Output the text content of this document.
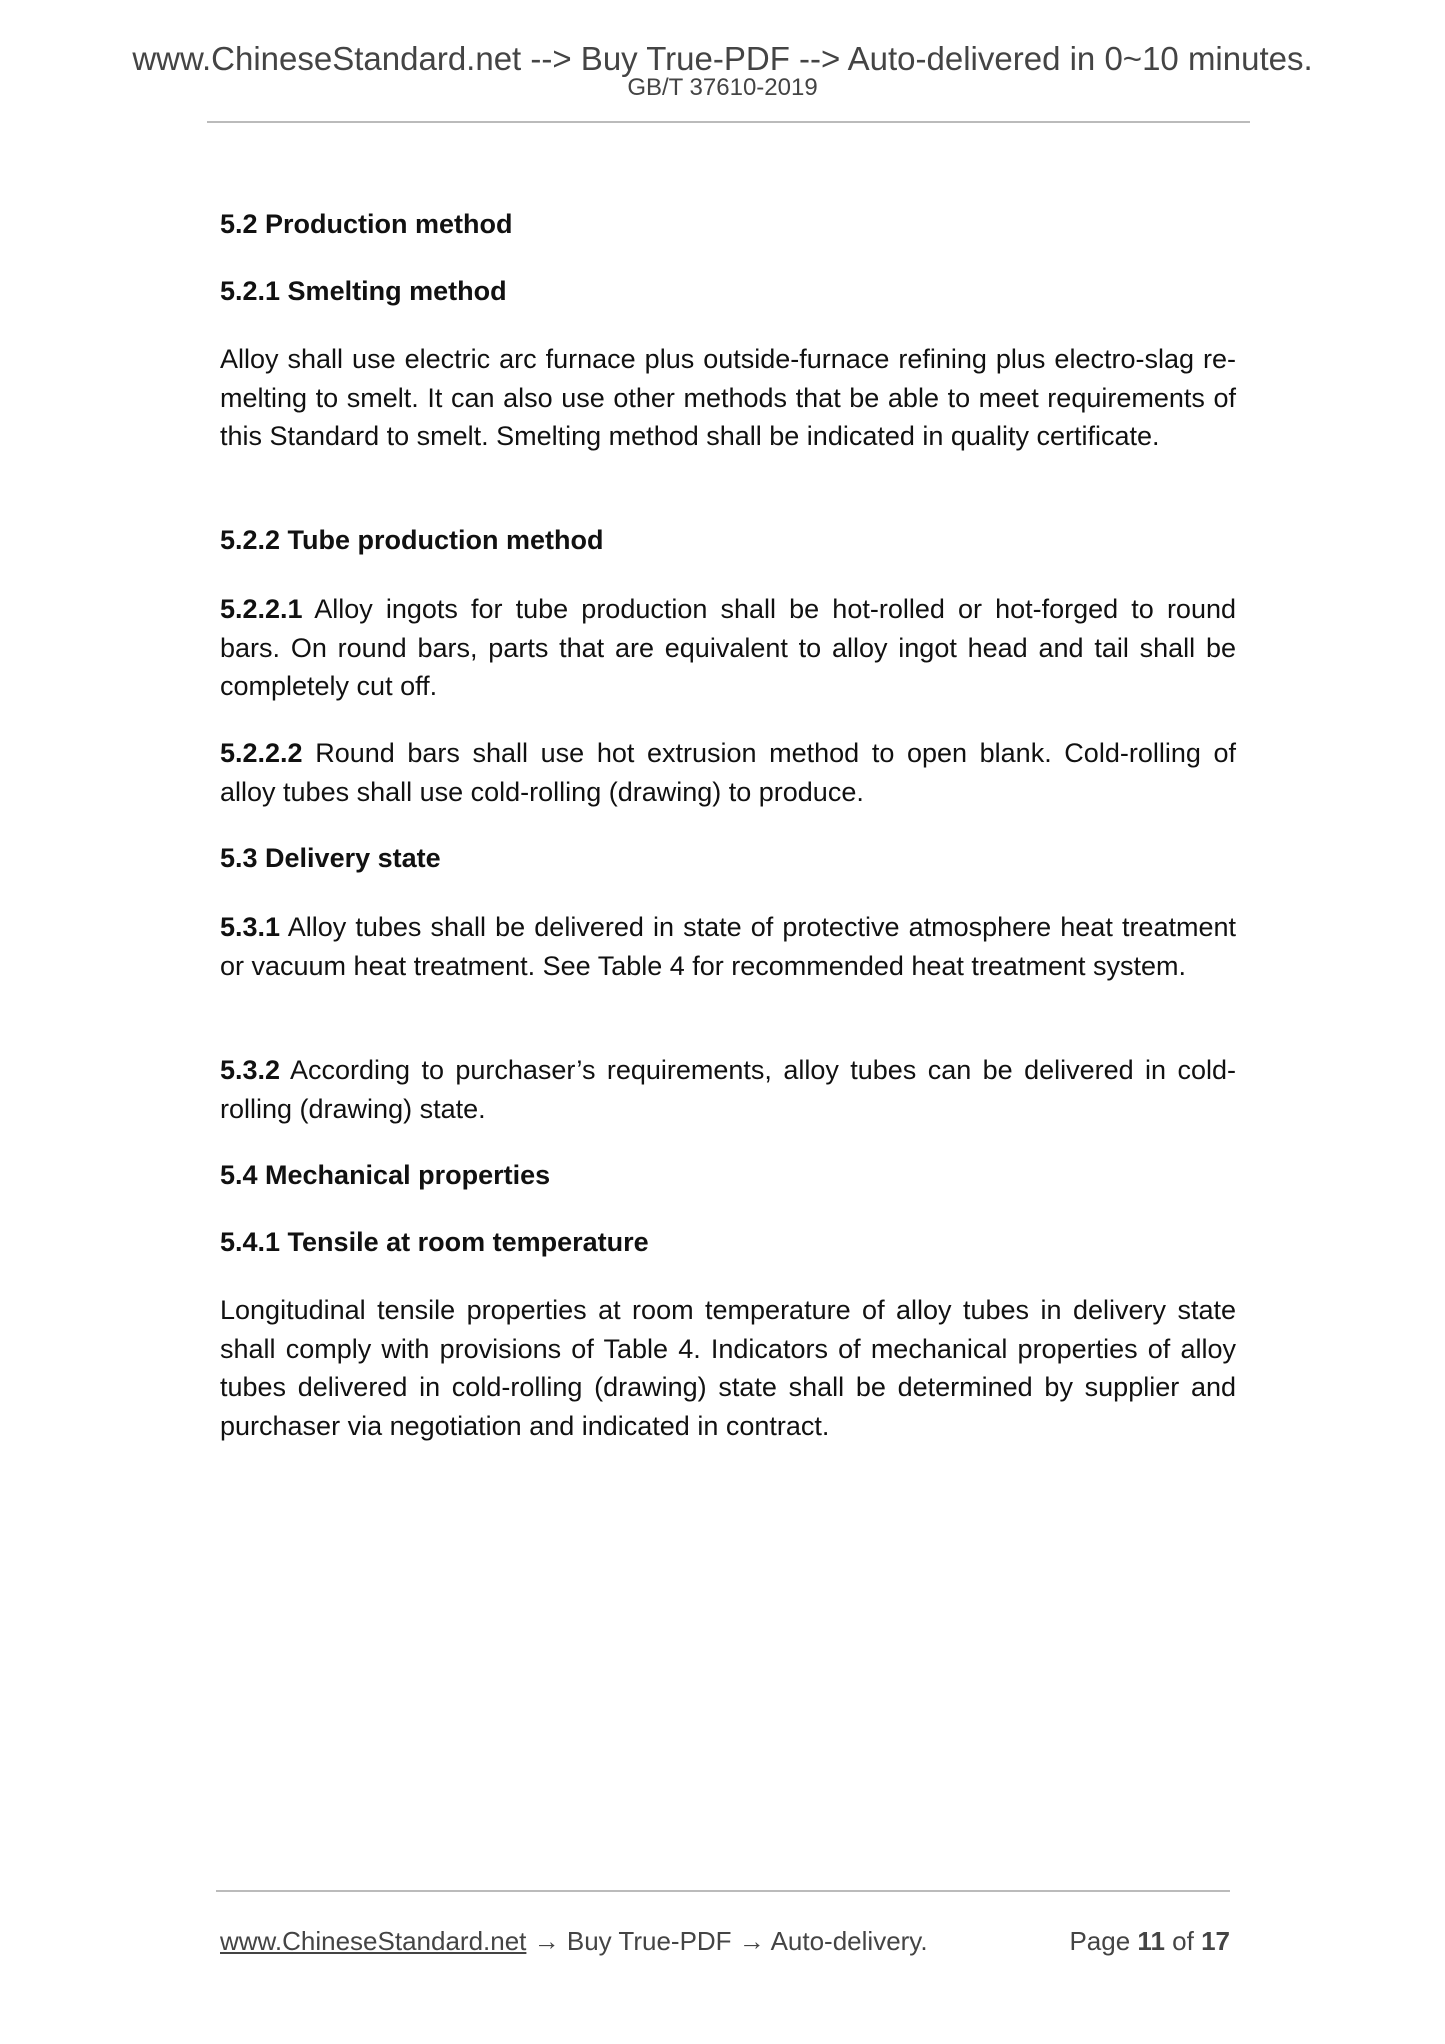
www.ChineseStandard.net --> Buy True-PDF --> Auto-delivered in 0~10 minutes.
GB/T 37610-2019
5.2 Production method
5.2.1 Smelting method
Alloy shall use electric arc furnace plus outside-furnace refining plus electro-slag re-melting to smelt. It can also use other methods that be able to meet requirements of this Standard to smelt. Smelting method shall be indicated in quality certificate.
5.2.2 Tube production method
5.2.2.1 Alloy ingots for tube production shall be hot-rolled or hot-forged to round bars. On round bars, parts that are equivalent to alloy ingot head and tail shall be completely cut off.
5.2.2.2 Round bars shall use hot extrusion method to open blank. Cold-rolling of alloy tubes shall use cold-rolling (drawing) to produce.
5.3 Delivery state
5.3.1 Alloy tubes shall be delivered in state of protective atmosphere heat treatment or vacuum heat treatment. See Table 4 for recommended heat treatment system.
5.3.2 According to purchaser’s requirements, alloy tubes can be delivered in cold-rolling (drawing) state.
5.4 Mechanical properties
5.4.1 Tensile at room temperature
Longitudinal tensile properties at room temperature of alloy tubes in delivery state shall comply with provisions of Table 4. Indicators of mechanical properties of alloy tubes delivered in cold-rolling (drawing) state shall be determined by supplier and purchaser via negotiation and indicated in contract.
www.ChineseStandard.net → Buy True-PDF → Auto-delivery.	Page 11 of 17
